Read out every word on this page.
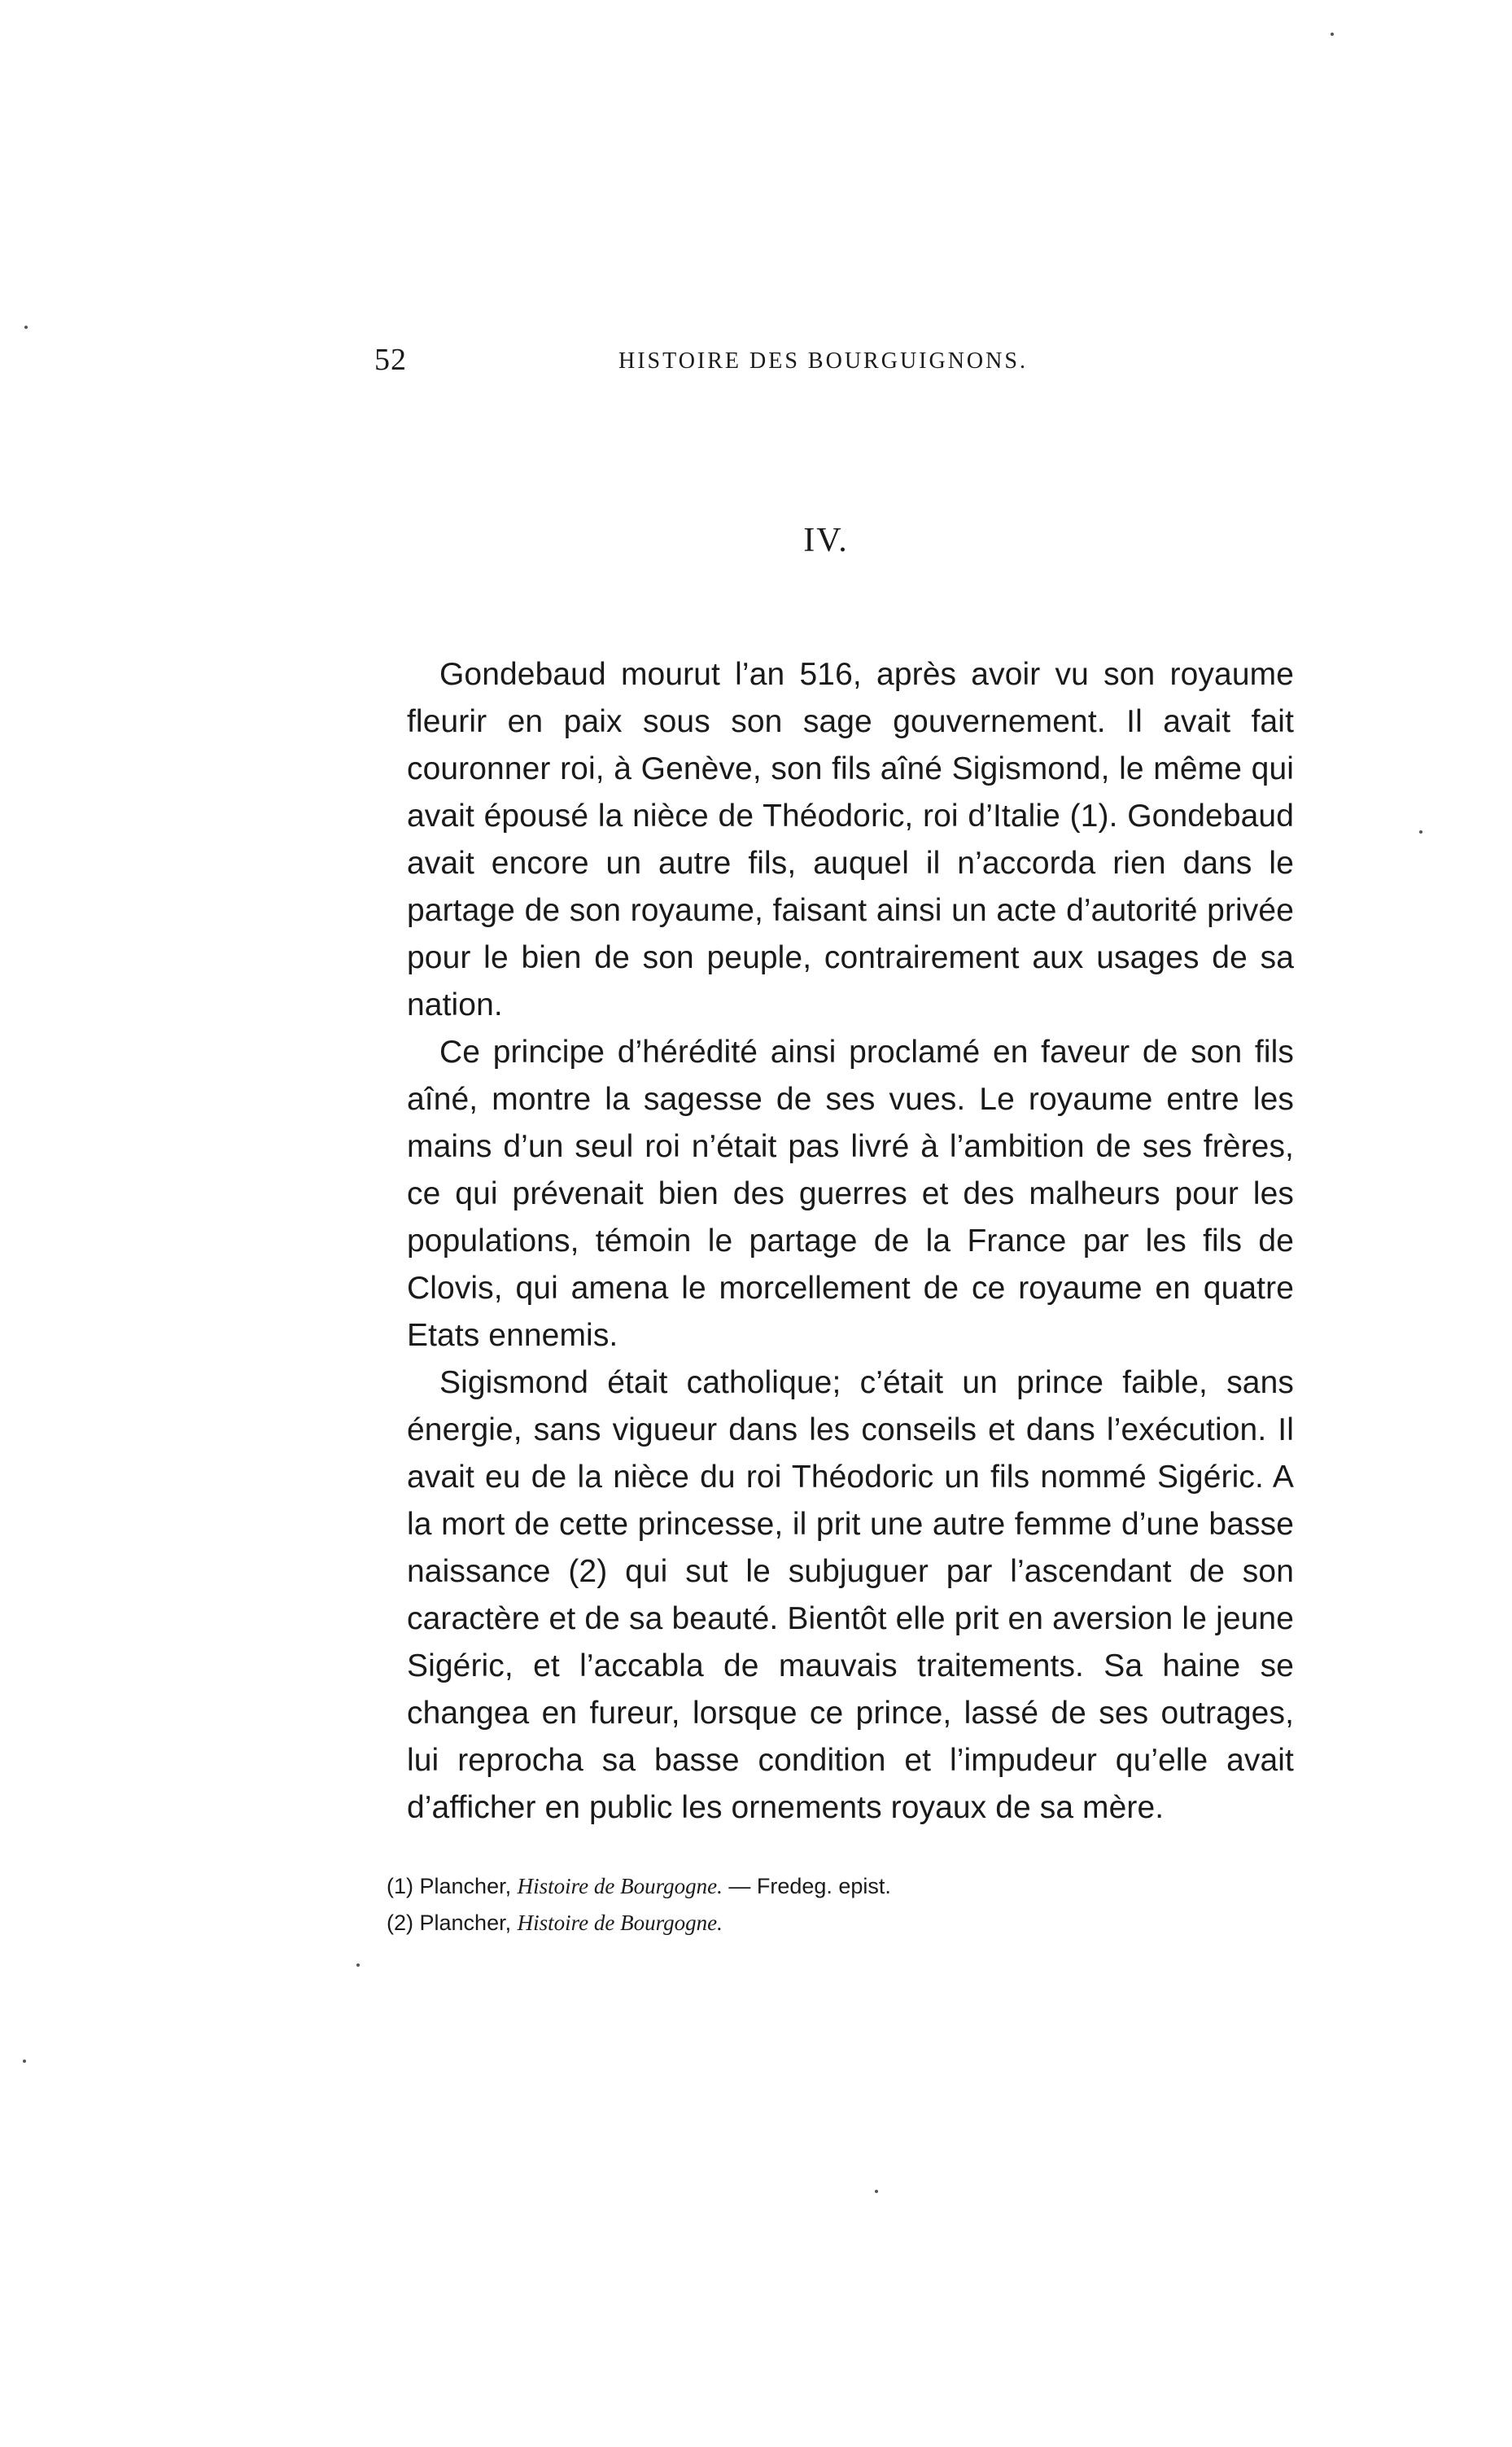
52	HISTOIRE DES BOURGUIGNONS.
IV.

Gondebaud mourut l’an 516, après avoir vu son royaume fleurir en paix sous son sage gouvernement. Il avait fait couronner roi, à Genève, son fils aîné Sigismond, le même qui avait épousé la nièce de Théodoric, roi d’Italie (1). Gondebaud avait encore un autre fils, auquel il n’accorda rien dans le partage de son royaume, faisant ainsi un acte d’autorité privée pour le bien de son peuple, contrairement aux usages de sa nation.

Ce principe d’hérédité ainsi proclamé en faveur de son fils aîné, montre la sagesse de ses vues. Le royaume entre les mains d’un seul roi n’était pas livré à l’ambition de ses frères, ce qui prévenait bien des guerres et des malheurs pour les populations, témoin le partage de la France par les fils de Clovis, qui amena le morcellement de ce royaume en quatre Etats ennemis.

Sigismond était catholique; c’était un prince faible, sans énergie, sans vigueur dans les conseils et dans l’exécution. Il avait eu de la nièce du roi Théodoric un fils nommé Sigéric. A la mort de cette princesse, il prit une autre femme d’une basse naissance (2) qui sut le subjuguer par l’ascendant de son caractère et de sa beauté. Bientôt elle prit en aversion le jeune Sigéric, et l’accabla de mauvais traitements. Sa haine se changea en fureur, lorsque ce prince, lassé de ses outrages, lui reprocha sa basse condition et l’impudeur qu’elle avait d’afficher en public les ornements royaux de sa mère.

(1) Plancher, Histoire de Bourgogne. — Fredeg. epist.

(2) Plancher, Histoire de Bourgogne.
